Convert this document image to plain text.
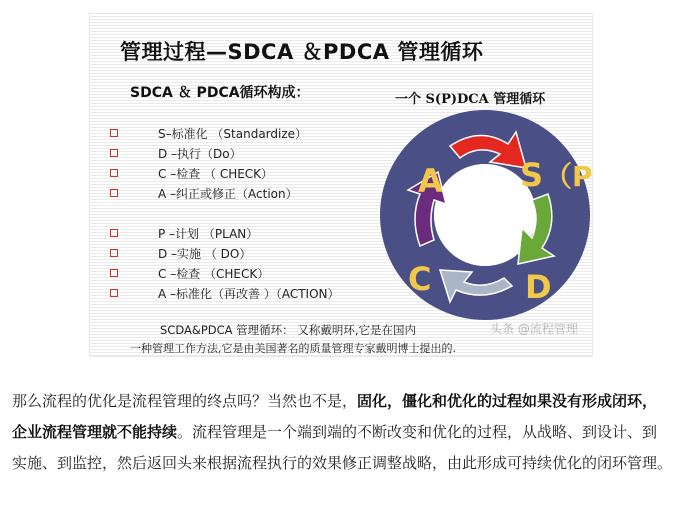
管理过程—SDCA ＆PDCA 管理循环
SDCA ＆ PDCA循环构成：	一个 S(P)DCA 管理循环
S–标准化 （Standardize）
D –执行（Do）
C –检查 （ CHECK）
A –纠正或修正（Action）
P –计划 （PLAN）
D –实施 （ DO）
C –检查 （CHECK）
A –标准化（再改善 ）（ACTION）
S （P
D
C
A
SCDA&PDCA 管理循环： 又称戴明环,它是在国内
一种管理工作方法,它是由美国著名的质量管理专家戴明博士提出的.
头条 @流程管理
那么流程的优化是流程管理的终点吗？当然也不是，固化，僵化和优化的过程如果没有形成闭环，企业流程管理就不能持续。流程管理是一个端到端的不断改变和优化的过程，从战略、到设计、到实施、到监控，然后返回头来根据流程执行的效果修正调整战略，由此形成可持续优化的闭环管理。
